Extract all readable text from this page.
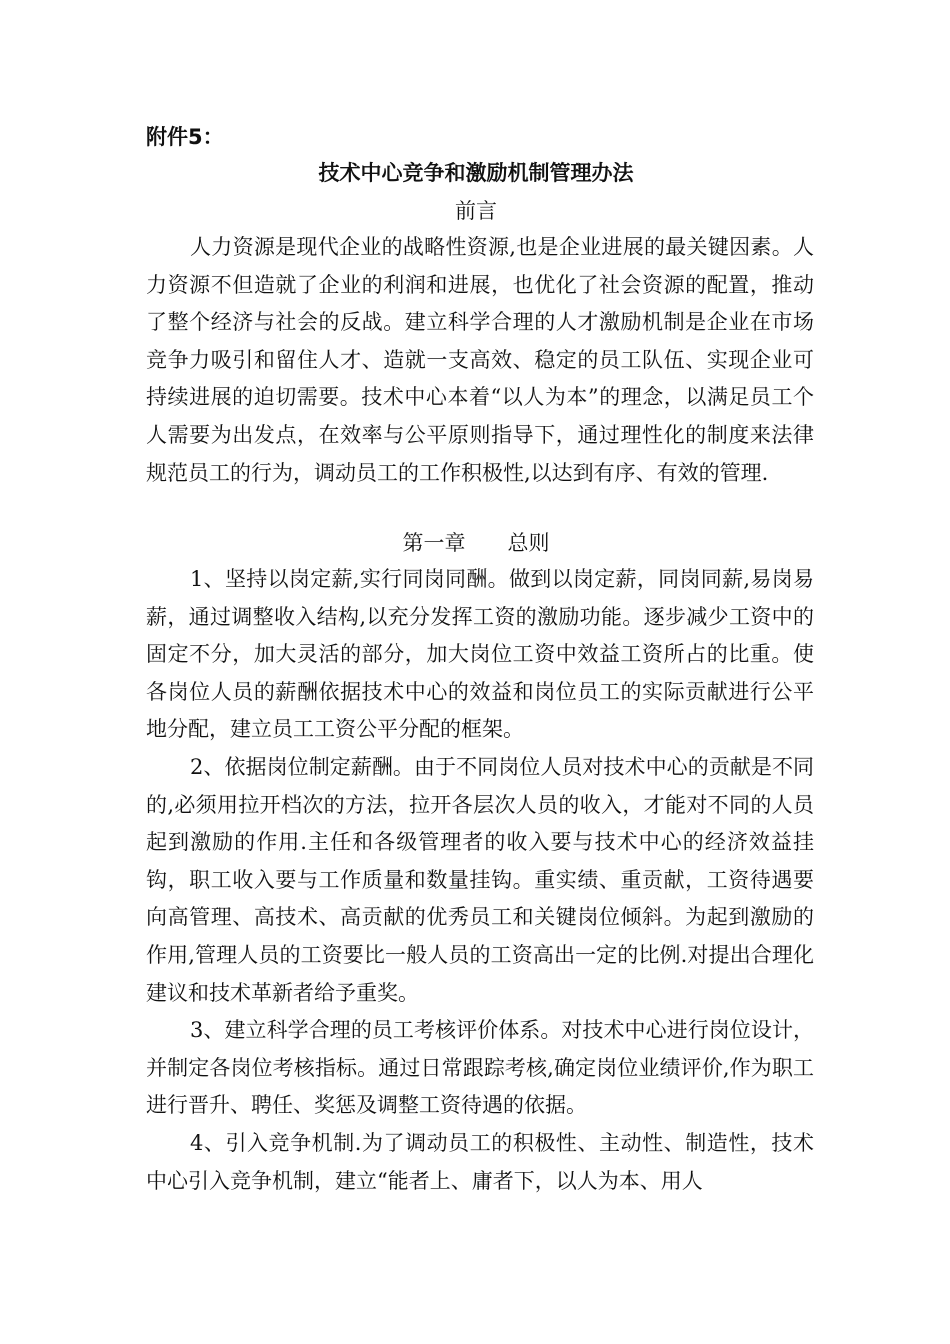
附件5：
技术中心竞争和激励机制管理办法
前言

人力资源是现代企业的战略性资源,也是企业进展的最关键因素。人力资源不但造就了企业的利润和进展，也优化了社会资源的配置，推动了整个经济与社会的反战。建立科学合理的人才激励机制是企业在市场竞争力吸引和留住人才、造就一支高效、稳定的员工队伍、实现企业可持续进展的迫切需要。技术中心本着“以人为本”的理念，以满足员工个人需要为出发点，在效率与公平原则指导下，通过理性化的制度来法律规范员工的行为，调动员工的工作积极性,以达到有序、有效的管理.

第一章　　总则

1、坚持以岗定薪,实行同岗同酬。做到以岗定薪，同岗同薪,易岗易薪，通过调整收入结构,以充分发挥工资的激励功能。逐步减少工资中的固定不分，加大灵活的部分，加大岗位工资中效益工资所占的比重。使各岗位人员的薪酬依据技术中心的效益和岗位员工的实际贡献进行公平地分配，建立员工工资公平分配的框架。

2、依据岗位制定薪酬。由于不同岗位人员对技术中心的贡献是不同的,必须用拉开档次的方法，拉开各层次人员的收入，才能对不同的人员起到激励的作用.主任和各级管理者的收入要与技术中心的经济效益挂钩，职工收入要与工作质量和数量挂钩。重实绩、重贡献，工资待遇要向高管理、高技术、高贡献的优秀员工和关键岗位倾斜。为起到激励的作用,管理人员的工资要比一般人员的工资高出一定的比例.对提出合理化建议和技术革新者给予重奖。

3、建立科学合理的员工考核评价体系。对技术中心进行岗位设计，并制定各岗位考核指标。通过日常跟踪考核,确定岗位业绩评价,作为职工进行晋升、聘任、奖惩及调整工资待遇的依据。

4、引入竞争机制.为了调动员工的积极性、主动性、制造性，技术中心引入竞争机制，建立“能者上、庸者下，以人为本、用人
